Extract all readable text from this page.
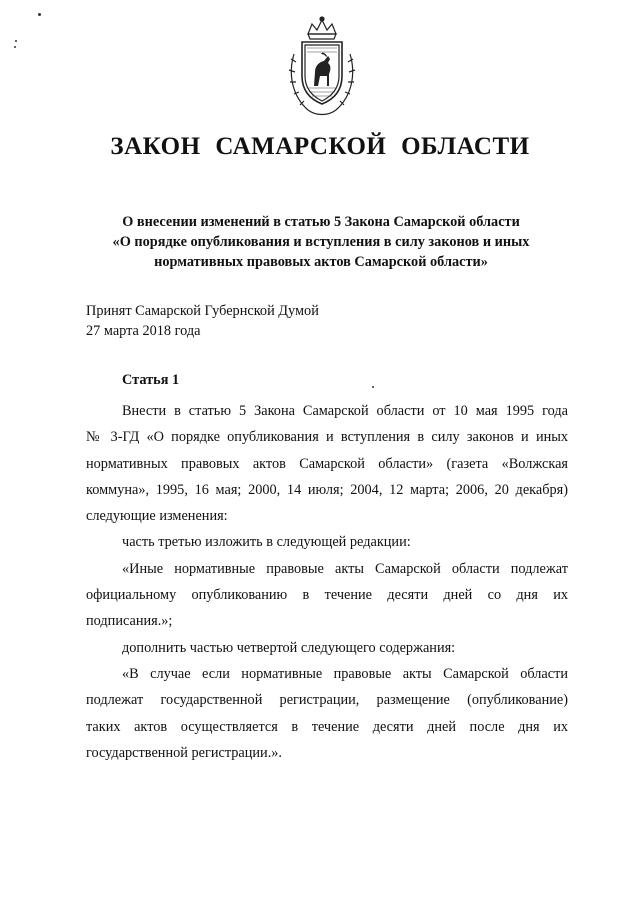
ЗАКОН САМАРСКОЙ ОБЛАСТИ
О внесении изменений в статью 5 Закона Самарской области
«О порядке опубликования и вступления в силу законов и иных
нормативных правовых актов Самарской области»
Принят Самарской Губернской Думой
27 марта 2018 года
Статья 1
Внести в статью 5 Закона Самарской области от 10 мая 1995 года
№ 3-ГД «О порядке опубликования и вступления в силу законов и иных
нормативных правовых актов Самарской области» (газета «Волжская
коммуна», 1995, 16 мая; 2000, 14 июля; 2004, 12 марта; 2006, 20 декабря)
следующие изменения:
часть третью изложить в следующей редакции:
«Иные нормативные правовые акты Самарской области подлежат
официальному опубликованию в течение десяти дней со дня их
подписания.»;
дополнить частью четвертой следующего содержания:
«В случае если нормативные правовые акты Самарской области
подлежат государственной регистрации, размещение (опубликование)
таких актов осуществляется в течение десяти дней после дня их
государственной регистрации.».
